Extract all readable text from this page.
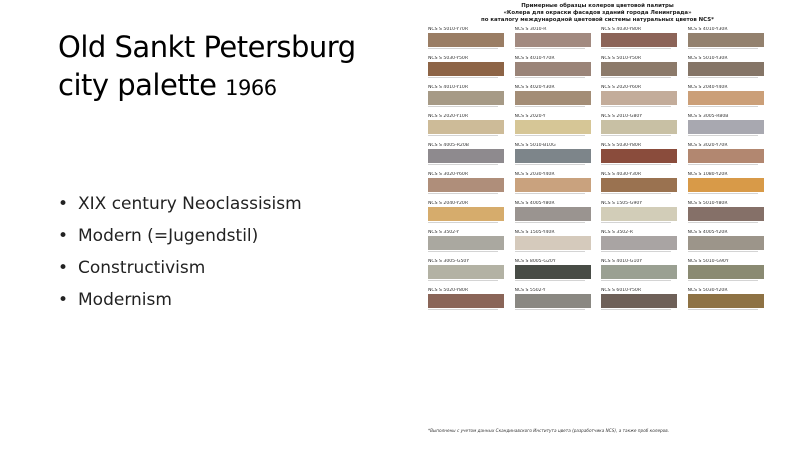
Old Sankt Petersburg city palette 1966
• XIX century Neoclassisism
• Modern (=Jugendstil)
• Constructivism
• Modernism
Примерные образцы колеров цветовой палитры
«Колера для окраски фасадов зданий города Ленинграда»
по каталогу международной цветовой системы натуральных цветов NCS*
NCS S 5010-Y70R	NCS S 3010-R	NCS S 4030-Y80R	NCS S 4010-Y30R
NCS S 5030-Y50R	NCS S 4010-Y70R	NCS S 5010-Y50R	NCS S 5010-Y30R
NCS S 4010-Y10R	NCS S 4020-Y30R	NCS S 2020-Y60R	NCS S 2040-Y40R
NCS S 2020-Y10R	NCS S 2020-Y	NCS S 2010-G80Y	NCS S 3005-R80B
NCS S 4005-R20B	NCS S 5010-B10G	NCS S 5030-Y80R	NCS S 3020-Y70R
NCS S 3020-Y60R	NCS S 2030-Y40R	NCS S 4030-Y30R	NCS S 1080-Y20R
NCS S 2040-Y20R	NCS S 4005-Y80R	NCS S 1505-G90Y	NCS S 5010-Y80R
NCS S 3502-Y	NCS S 1505-Y40R	NCS S 3502-R	NCS S 4005-Y20R
NCS S 3005-G50Y	NCS S 8005-G20Y	NCS S 4010-G10Y	NCS S 5010-G90Y
NCS S 5020-Y80R	NCS S 5502-Y	NCS S 6010-Y50R	NCS S 5030-Y20R
*Выполнены с учетом данных Скандинавского Института цвета (разработчика NCS), а также проб колеров.
